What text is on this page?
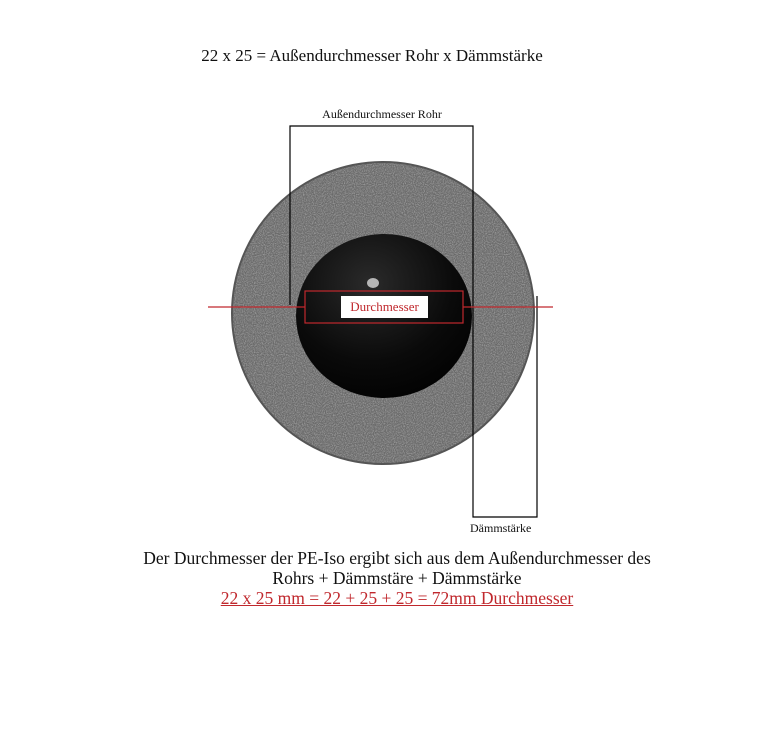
22 x 25 = Außendurchmesser Rohr x Dämmstärke
Außendurchmesser Rohr
Durchmesser
Dämmstärke
Der Durchmesser der PE-Iso ergibt sich aus dem Außendurchmesser des
Rohrs + Dämmstäre + Dämmstärke
22 x 25 mm = 22 + 25 + 25 = 72mm Durchmesser
